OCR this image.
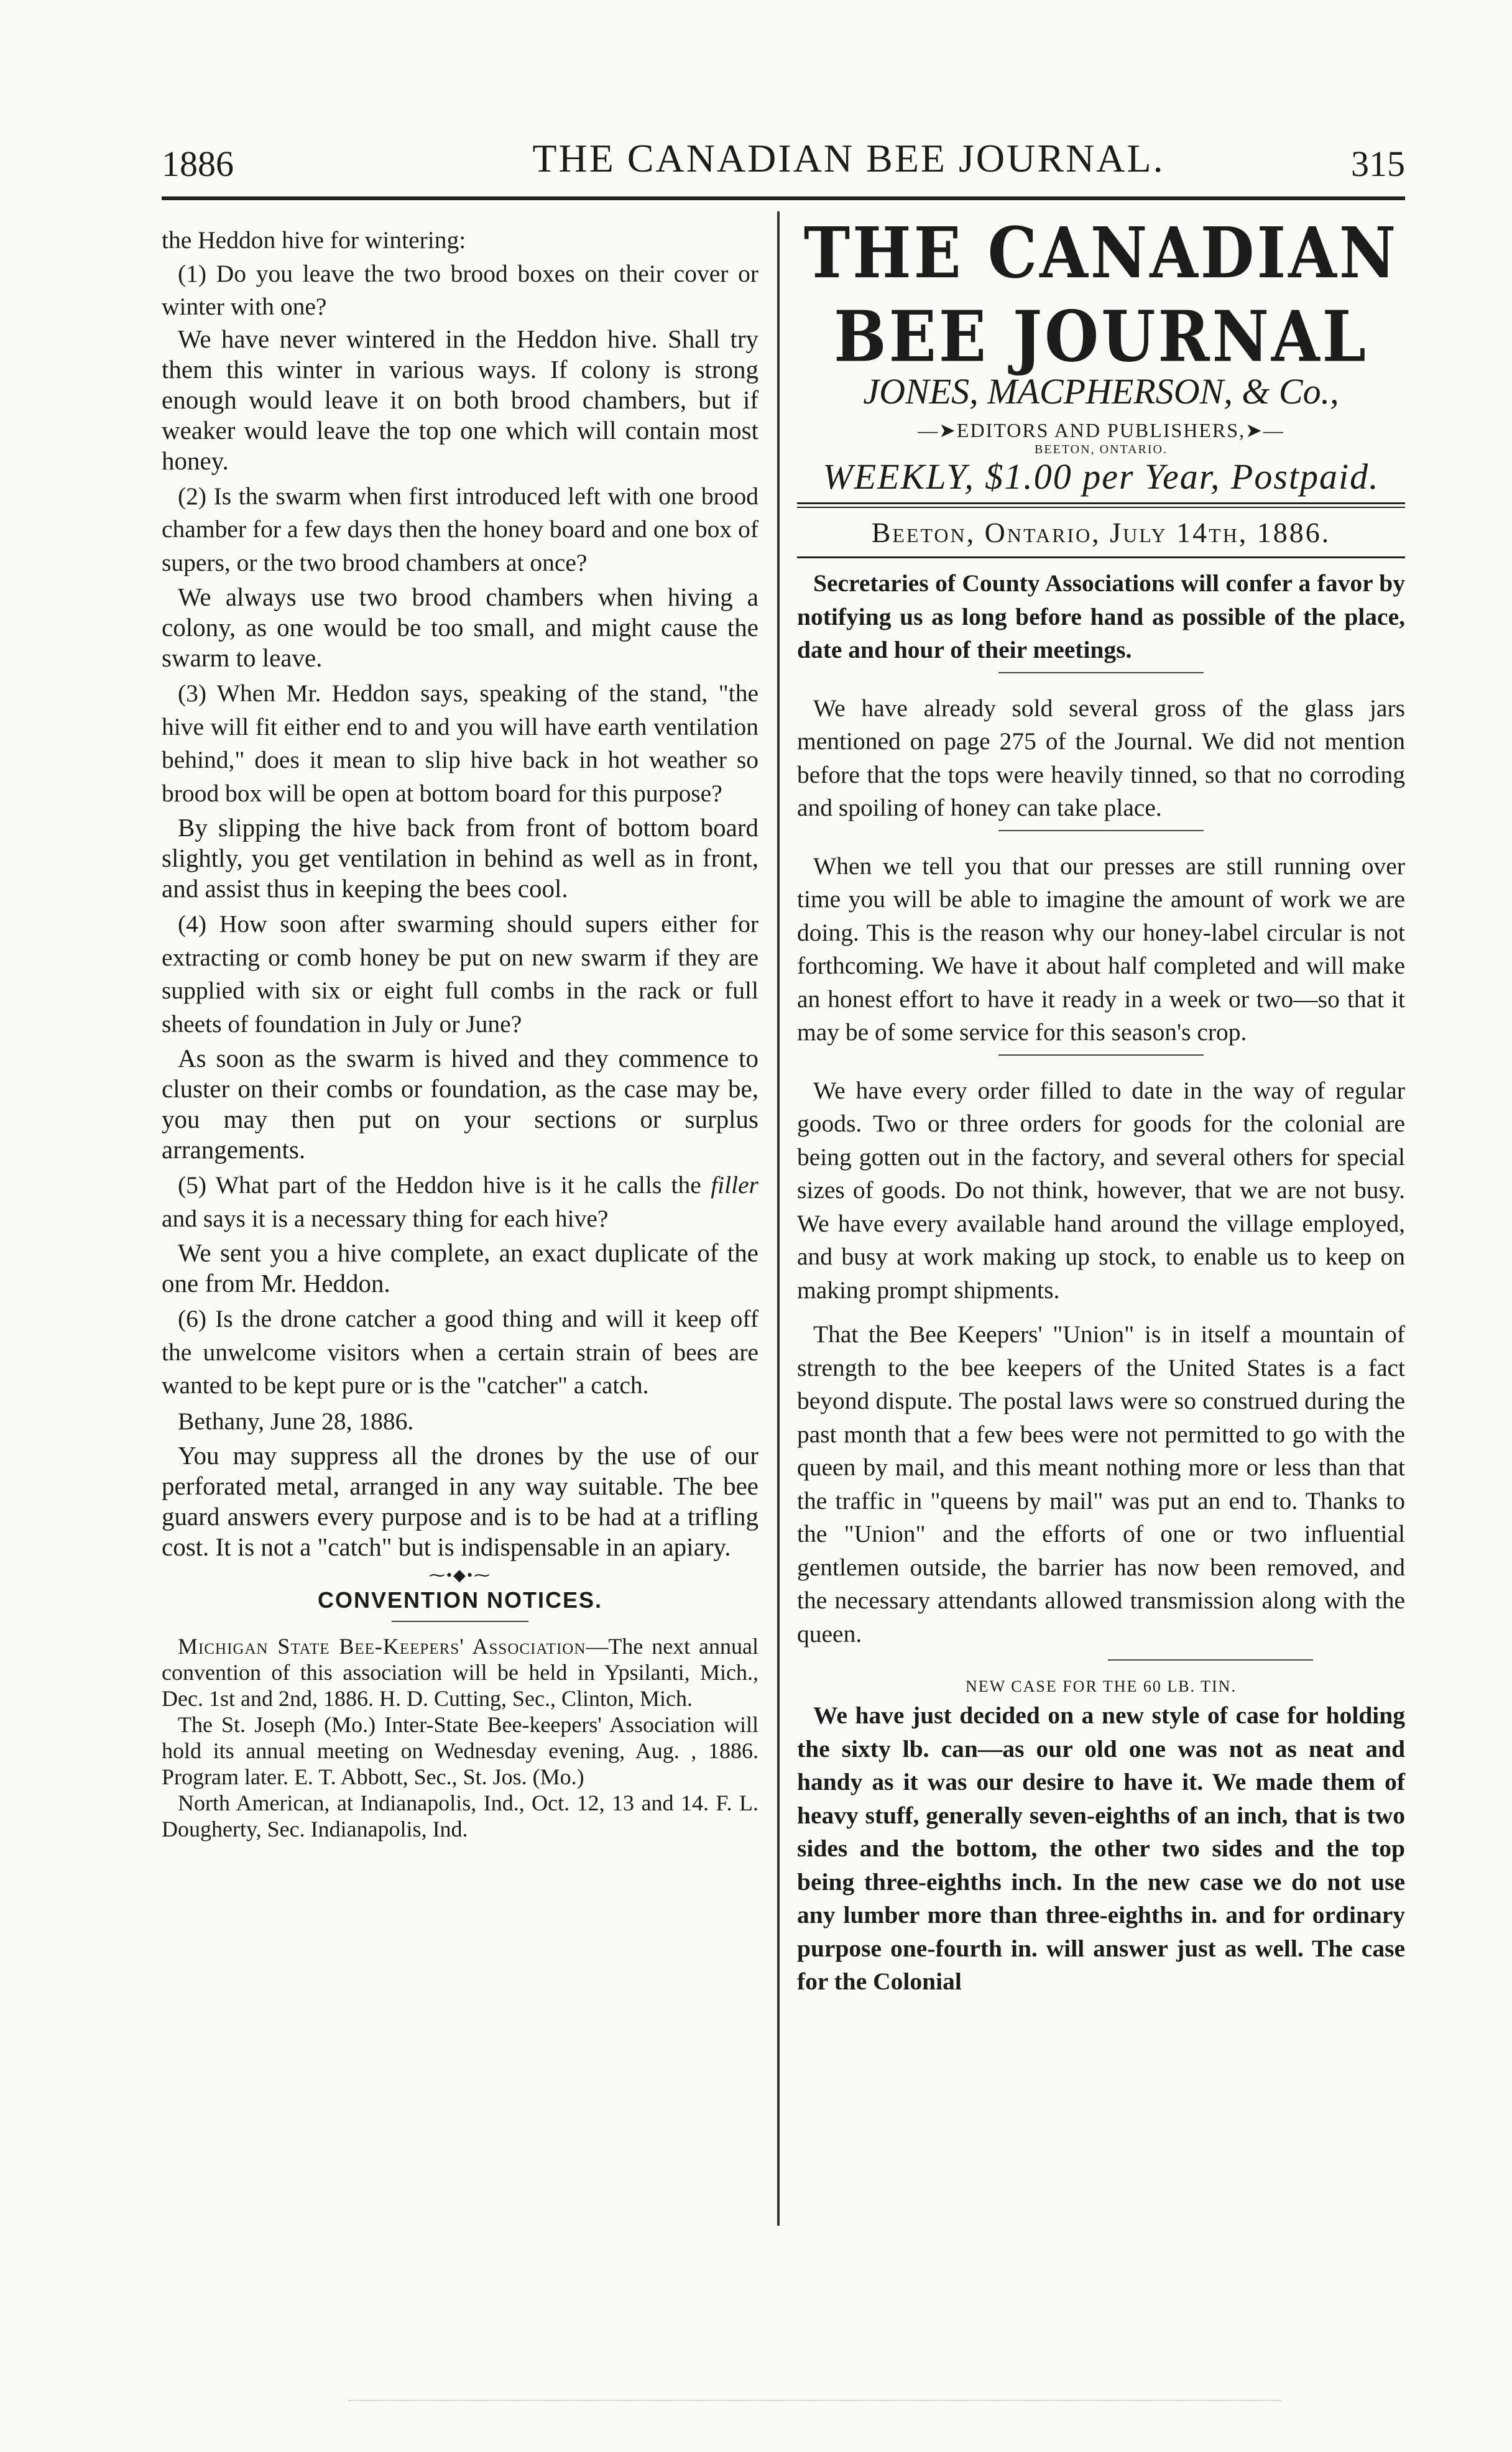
1886	THE CANADIAN BEE JOURNAL.	315

the Heddon hive for wintering:

(1) Do you leave the two brood boxes on their cover or winter with one?

We have never wintered in the Heddon hive. Shall try them this winter in various ways. If colony is strong enough would leave it on both brood chambers, but if weaker would leave the top one which will contain most honey.

(2) Is the swarm when first introduced left with one brood chamber for a few days then the honey board and one box of supers, or the two brood chambers at once?

We always use two brood chambers when hiving a colony, as one would be too small, and might cause the swarm to leave.

(3) When Mr. Heddon says, speaking of the stand, "the hive will fit either end to and you will have earth ventilation behind," does it mean to slip hive back in hot weather so brood box will be open at bottom board for this purpose?

By slipping the hive back from front of bottom board slightly, you get ventilation in behind as well as in front, and assist thus in keeping the bees cool.

(4) How soon after swarming should supers either for extracting or comb honey be put on new swarm if they are supplied with six or eight full combs in the rack or full sheets of foundation in July or June?

As soon as the swarm is hived and they commence to cluster on their combs or foundation, as the case may be, you may then put on your sections or surplus arrangements.

(5) What part of the Heddon hive is it he calls the filler and says it is a necessary thing for each hive?

We sent you a hive complete, an exact duplicate of the one from Mr. Heddon.

(6) Is the drone catcher a good thing and will it keep off the unwelcome visitors when a certain strain of bees are wanted to be kept pure or is the "catcher" a catch.

Bethany, June 28, 1886.

You may suppress all the drones by the use of our perforated metal, arranged in any way suitable. The bee guard answers every purpose and is to be had at a trifling cost. It is not a "catch" but is indispensable in an apiary.

⁓•◆•⁓
CONVENTION NOTICES.

Michigan State Bee-Keepers' Association—The next annual convention of this association will be held in Ypsilanti, Mich., Dec. 1st and 2nd, 1886. H. D. Cutting, Sec., Clinton, Mich.

The St. Joseph (Mo.) Inter-State Bee-keepers' Association will hold its annual meeting on Wednesday evening, Aug. , 1886. Program later. E. T. Abbott, Sec., St. Jos. (Mo.)

North American, at Indianapolis, Ind., Oct. 12, 13 and 14. F. L. Dougherty, Sec. Indianapolis, Ind.

THE CANADIAN BEE JOURNAL
JONES, MACPHERSON, & Co.,
—➤EDITORS AND PUBLISHERS,➤—
BEETON, ONTARIO.
WEEKLY, $1.00 per Year, Postpaid.
Beeton, Ontario, July 14th, 1886.

Secretaries of County Associations will confer a favor by notifying us as long before hand as possible of the place, date and hour of their meetings.

We have already sold several gross of the glass jars mentioned on page 275 of the Journal. We did not mention before that the tops were heavily tinned, so that no corroding and spoiling of honey can take place.

When we tell you that our presses are still running over time you will be able to imagine the amount of work we are doing. This is the reason why our honey-label circular is not forthcoming. We have it about half completed and will make an honest effort to have it ready in a week or two—so that it may be of some service for this season's crop.

We have every order filled to date in the way of regular goods. Two or three orders for goods for the colonial are being gotten out in the factory, and several others for special sizes of goods. Do not think, however, that we are not busy. We have every available hand around the village employed, and busy at work making up stock, to enable us to keep on making prompt shipments.

That the Bee Keepers' "Union" is in itself a mountain of strength to the bee keepers of the United States is a fact beyond dispute. The postal laws were so construed during the past month that a few bees were not permitted to go with the queen by mail, and this meant nothing more or less than that the traffic in "queens by mail" was put an end to. Thanks to the "Union" and the efforts of one or two influential gentlemen outside, the barrier has now been removed, and the necessary attendants allowed transmission along with the queen.

NEW CASE FOR THE 60 LB. TIN.

We have just decided on a new style of case for holding the sixty lb. can—as our old one was not as neat and handy as it was our desire to have it. We made them of heavy stuff, generally seven-eighths of an inch, that is two sides and the bottom, the other two sides and the top being three-eighths inch. In the new case we do not use any lumber more than three-eighths in. and for ordinary purpose one-fourth in. will answer just as well. The case for the Colonial
